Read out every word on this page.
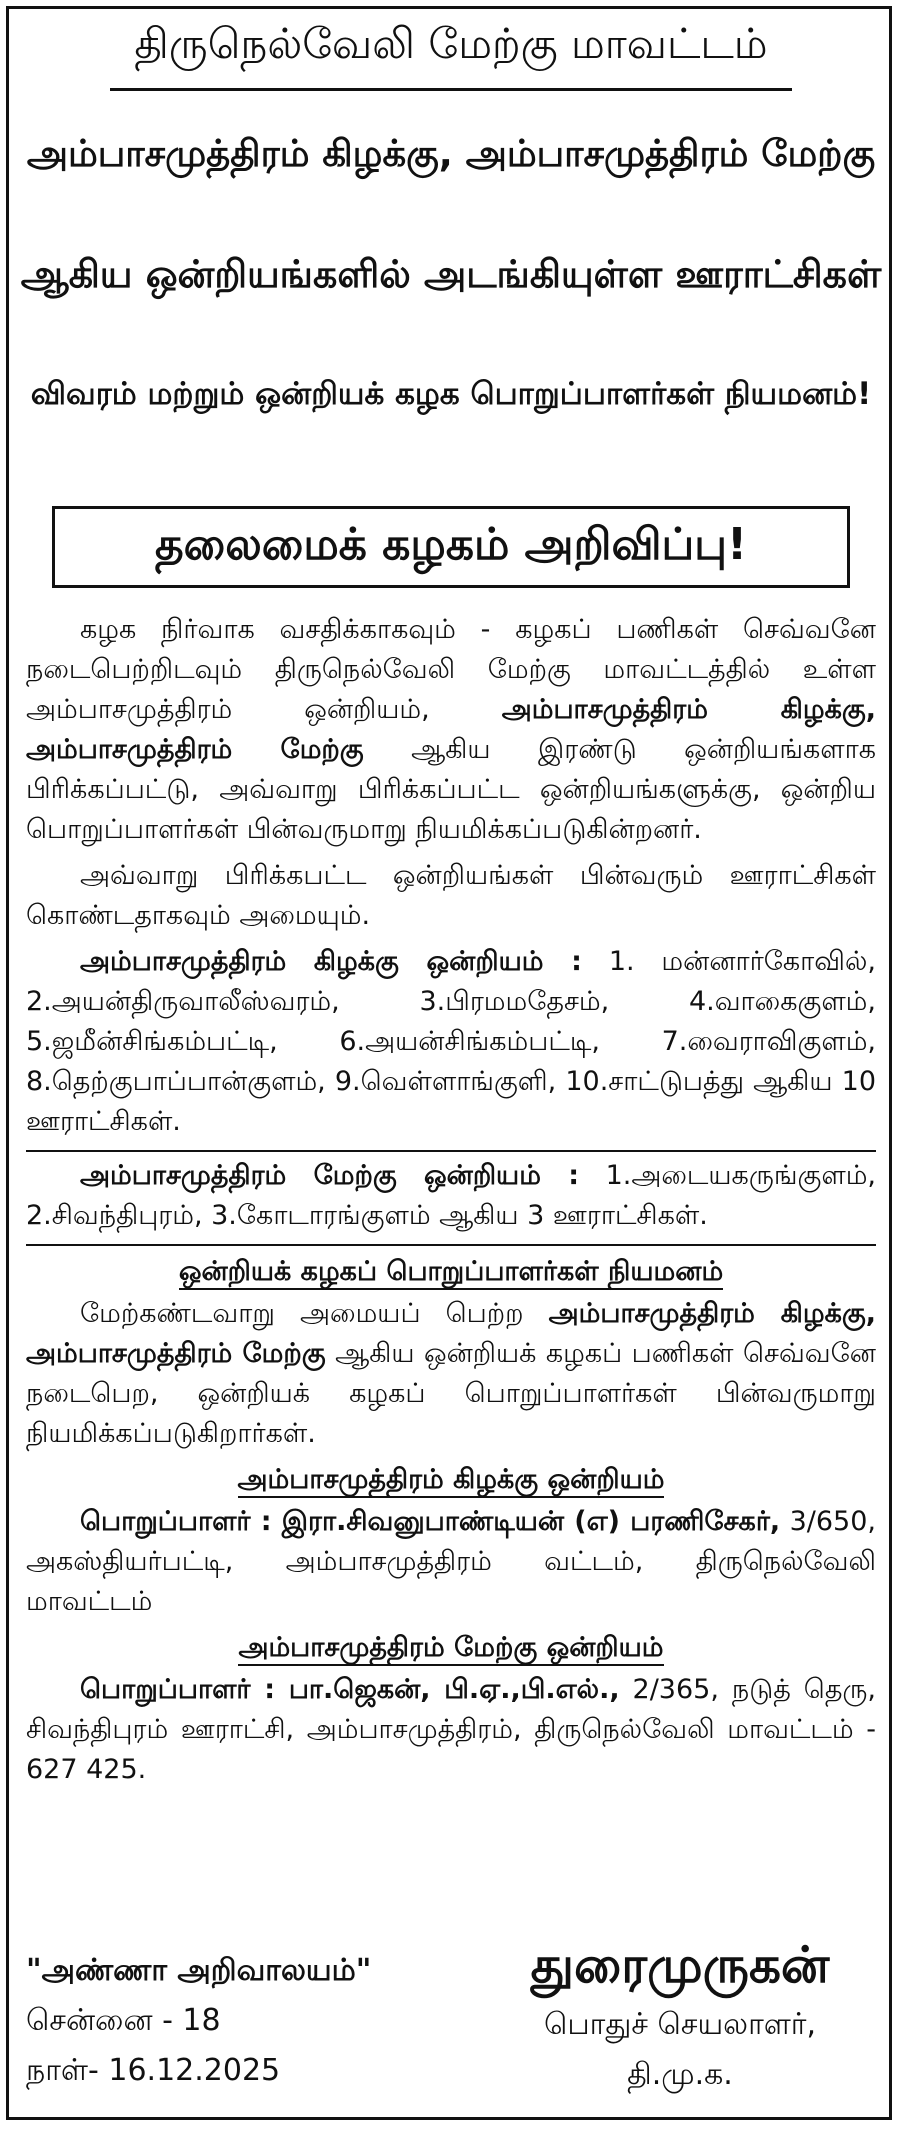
திருநெல்வேலி மேற்கு மாவட்டம்
அம்பாசமுத்திரம் கிழக்கு, அம்பாசமுத்திரம் மேற்கு
ஆகிய ஒன்றியங்களில் அடங்கியுள்ள ஊராட்சிகள்
விவரம் மற்றும் ஒன்றியக் கழக பொறுப்பாளர்கள் நியமனம்!
தலைமைக் கழகம் அறிவிப்பு!

கழக நிர்வாக வசதிக்காகவும் - கழகப் பணிகள் செவ்வனே நடைபெற்றிடவும் திருநெல்வேலி மேற்கு மாவட்டத்தில் உள்ள அம்பாசமுத்திரம் ஒன்றியம், அம்பாசமுத்திரம் கிழக்கு, அம்பாசமுத்திரம் மேற்கு ஆகிய இரண்டு ஒன்றியங்களாக பிரிக்கப்பட்டு, அவ்வாறு பிரிக்கப்பட்ட ஒன்றியங்களுக்கு, ஒன்றிய பொறுப்பாளர்கள் பின்வருமாறு நியமிக்கப்படுகின்றனர்.

அவ்வாறு பிரிக்கபட்ட ஒன்றியங்கள் பின்வரும் ஊராட்சிகள் கொண்டதாகவும் அமையும்.

அம்பாசமுத்திரம் கிழக்கு ஒன்றியம் : 1. மன்னார்கோவில், 2.அயன்திருவாலீஸ்வரம், 3.பிரமமதேசம், 4.வாகைகுளம், 5.ஜமீன்சிங்கம்பட்டி, 6.அயன்சிங்கம்பட்டி, 7.வைராவிகுளம், 8.தெற்குபாப்பான்குளம், 9.வெள்ளாங்குளி, 10.சாட்டுபத்து ஆகிய 10 ஊராட்சிகள்.

அம்பாசமுத்திரம் மேற்கு ஒன்றியம் : 1.அடையகருங்குளம், 2.சிவந்திபுரம், 3.கோடாரங்குளம் ஆகிய 3 ஊராட்சிகள்.

ஒன்றியக் கழகப் பொறுப்பாளர்கள் நியமனம்

மேற்கண்டவாறு அமையப் பெற்ற அம்பாசமுத்திரம் கிழக்கு, அம்பாசமுத்திரம் மேற்கு ஆகிய ஒன்றியக் கழகப் பணிகள் செவ்வனே நடைபெற, ஒன்றியக் கழகப் பொறுப்பாளர்கள் பின்வருமாறு நியமிக்கப்படுகிறார்கள்.

அம்பாசமுத்திரம் கிழக்கு ஒன்றியம்

பொறுப்பாளர் : இரா.சிவனுபாண்டியன் (எ) பரணிசேகர், 3/650, அகஸ்தியர்பட்டி, அம்பாசமுத்திரம் வட்டம், திருநெல்வேலி மாவட்டம்

அம்பாசமுத்திரம் மேற்கு ஒன்றியம்

பொறுப்பாளர் : பா.ஜெகன், பி.ஏ.,பி.எல்., 2/365, நடுத் தெரு, சிவந்திபுரம் ஊராட்சி, அம்பாசமுத்திரம், திருநெல்வேலி மாவட்டம் - 627 425.

"அண்ணா அறிவாலயம்"
சென்னை - 18
நாள்- 16.12.2025
துரைமுருகன்
பொதுச் செயலாளர்,
தி.மு.க.
